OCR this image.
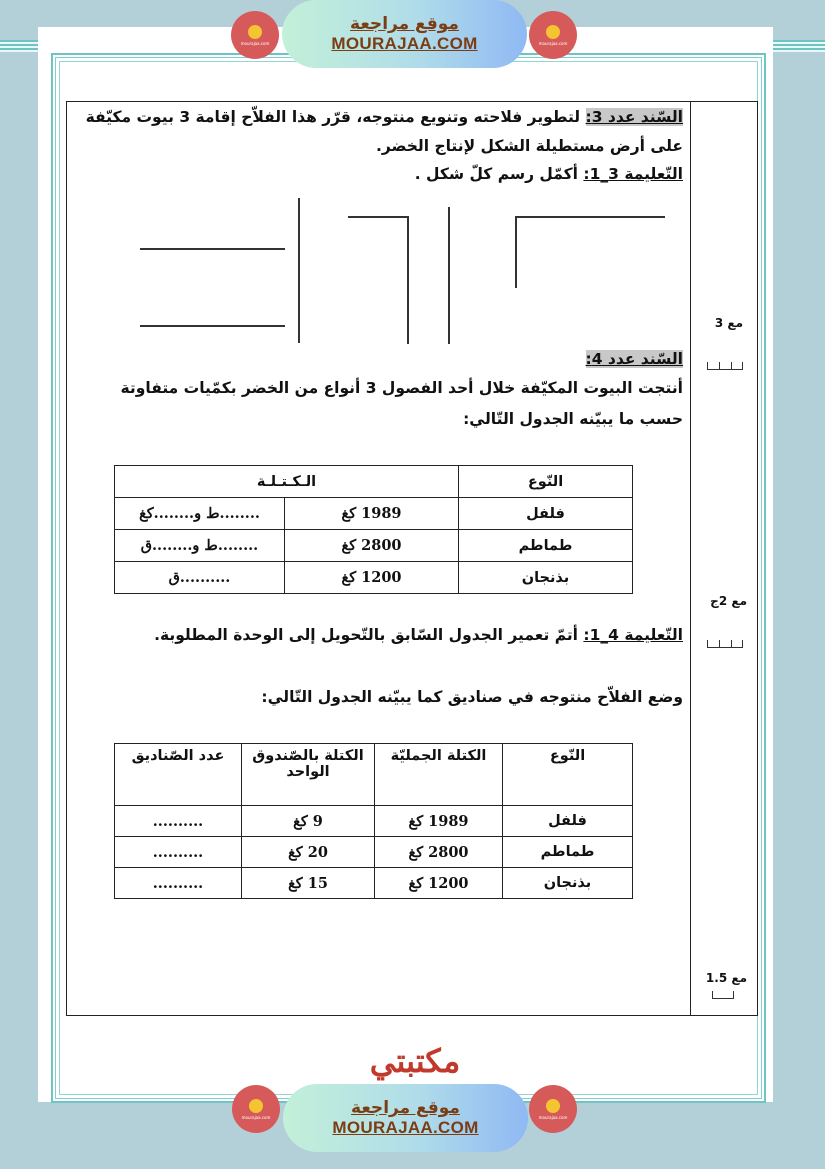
mourajaa.com	mourajaa.com
موقع مراجعة
MOURAJAA.COM
السّند عدد 3: لتطوير فلاحته وتنويع منتوجه، قرّر هذا الفلاّح إقامة 3 بيوت مكيّفة
على أرض مستطيلة الشكل لإنتاج الخضر.
التّعليمة 3_1: أكمّل رسم كلّ شكل .
السّند عدد 4:
أنتجت البيوت المكيّفة خلال أحد الفصول 3 أنواع من الخضر بكمّيات متفاوتة
حسب ما يبيّنه الجدول التّالي:
النّوع	الـكـتـلـة	
فلفل	1989 كغ	........ط و........كغ
طماطم	2800 كغ	........ط و........ق
بذنجان	1200 كغ	..........ق
التّعليمة 4_1: أتمّ تعمير الجدول السّابق بالتّحويل إلى الوحدة المطلوبة.
وضع الفلاّح منتوجه في صناديق كما يبيّنه الجدول التّالي:
النّوع	الكتلة الجمليّة	الكتلة بالصّندوق الواحد	عدد الصّناديق
فلفل	1989 كغ	9 كغ	..........
طماطم	2800 كغ	20 كغ	..........
بذنجان	1200 كغ	15 كغ	..........
مع 3
مع 2ج
مع 1.5
مكتبتي
mourajaa.com	mourajaa.com
موقع مراجعة
MOURAJAA.COM
